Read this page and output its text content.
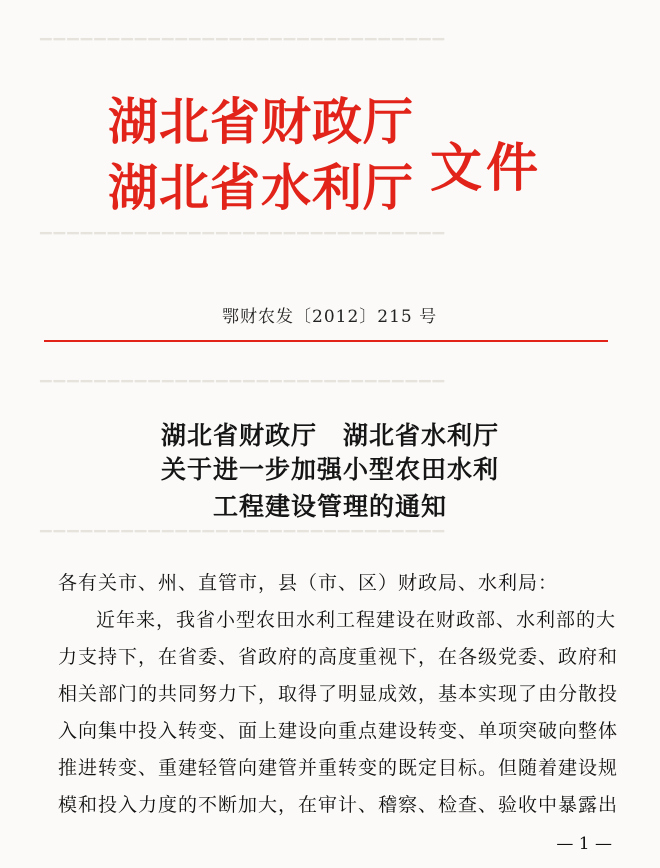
▔▔▔▔▔▔▔▔▔▔▔▔▔▔▔▔▔▔▔▔▔▔▔▔▔▔▔▔▔▔
▔▔▔▔▔▔▔▔▔▔▔▔▔▔▔▔▔▔▔▔▔▔▔▔▔▔▔▔▔▔
▔▔▔▔▔▔▔▔▔▔▔▔▔▔▔▔▔▔▔▔▔▔▔▔▔▔▔▔▔▔
▔▔▔▔▔▔▔▔▔▔▔▔▔▔▔▔▔▔▔▔▔▔▔▔▔▔▔▔▔▔
湖北省财政厅
湖北省水利厅 文件
鄂财农发〔2012〕215 号
湖北省财政厅　湖北省水利厅
关于进一步加强小型农田水利
工程建设管理的通知
各有关市、州、直管市，县（市、区）财政局、水利局：
近年来，我省小型农田水利工程建设在财政部、水利部的大
力支持下，在省委、省政府的高度重视下，在各级党委、政府和
相关部门的共同努力下，取得了明显成效，基本实现了由分散投
入向集中投入转变、面上建设向重点建设转变、单项突破向整体
推进转变、重建轻管向建管并重转变的既定目标。但随着建设规
模和投入力度的不断加大，在审计、稽察、检查、验收中暴露出
— 1 —
